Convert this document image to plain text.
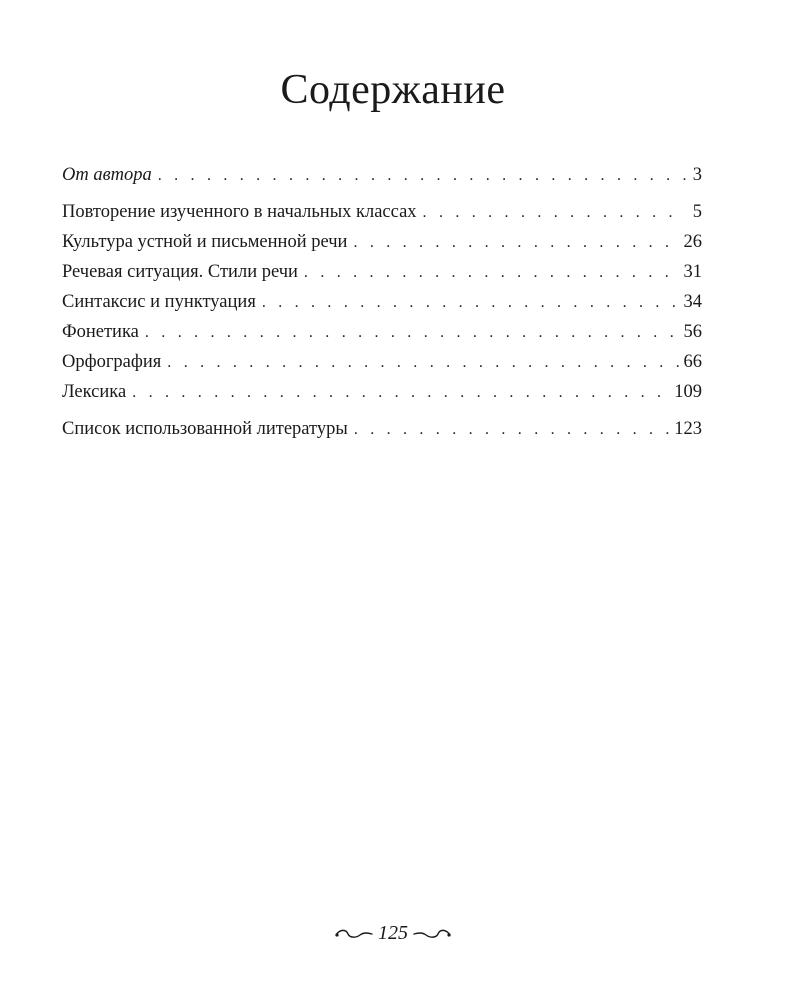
Содержание
От автора . . .	3
Повторение изученного в начальных классах . . .	5
Культура устной и письменной речи . . .	26
Речевая ситуация. Стили речи . . .	31
Синтаксис и пунктуация . . .	34
Фонетика . . .	56
Орфография . . .	66
Лексика . . .	109
Список использованной литературы . . .	123
125
